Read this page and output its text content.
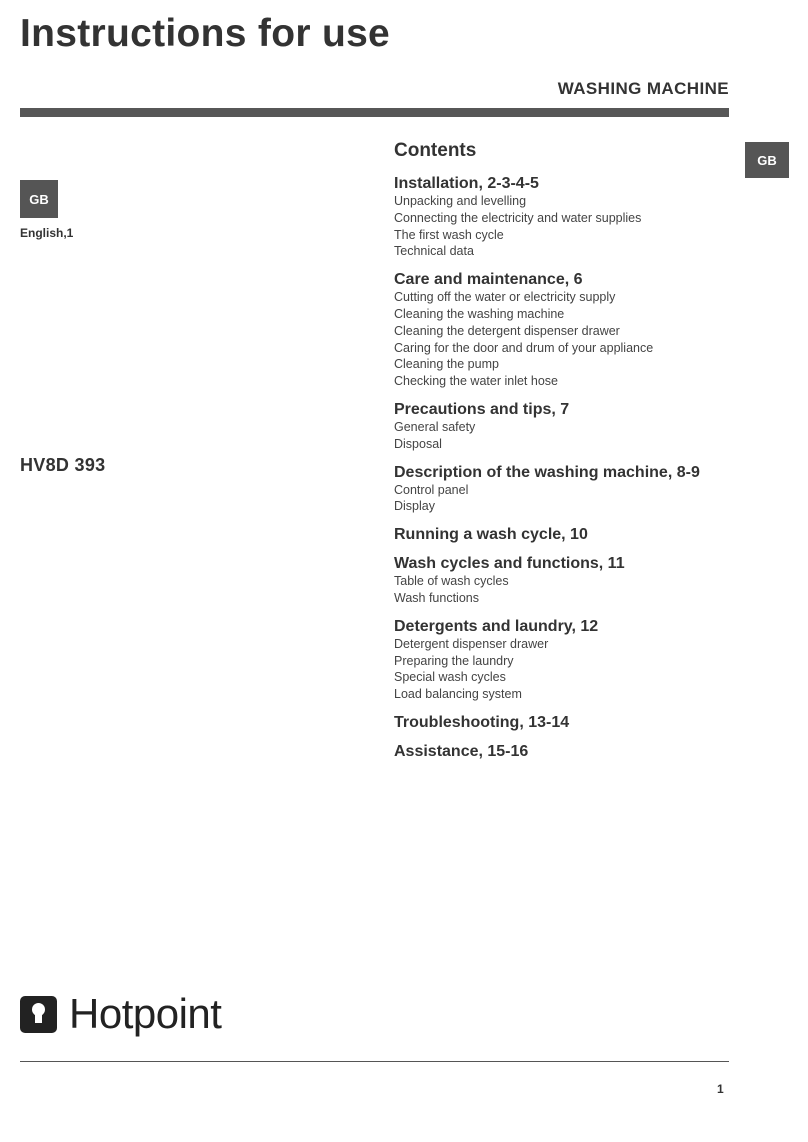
Instructions for use
WASHING MACHINE
GB
GB
English,1
HV8D 393
Contents
Installation, 2-3-4-5
Unpacking and levelling
Connecting the electricity and water supplies
The first wash cycle
Technical data
Care and maintenance, 6
Cutting off the water or electricity supply
Cleaning the washing machine
Cleaning the detergent dispenser drawer
Caring for the door and drum of your appliance
Cleaning the pump
Checking the water inlet hose
Precautions and tips, 7
General safety
Disposal
Description of the washing machine, 8-9
Control panel
Display
Running a wash cycle, 10
Wash cycles and functions, 11
Table of wash cycles
Wash functions
Detergents and laundry, 12
Detergent dispenser drawer
Preparing the laundry
Special wash cycles
Load balancing system
Troubleshooting, 13-14
Assistance, 15-16
Hotpoint
1
